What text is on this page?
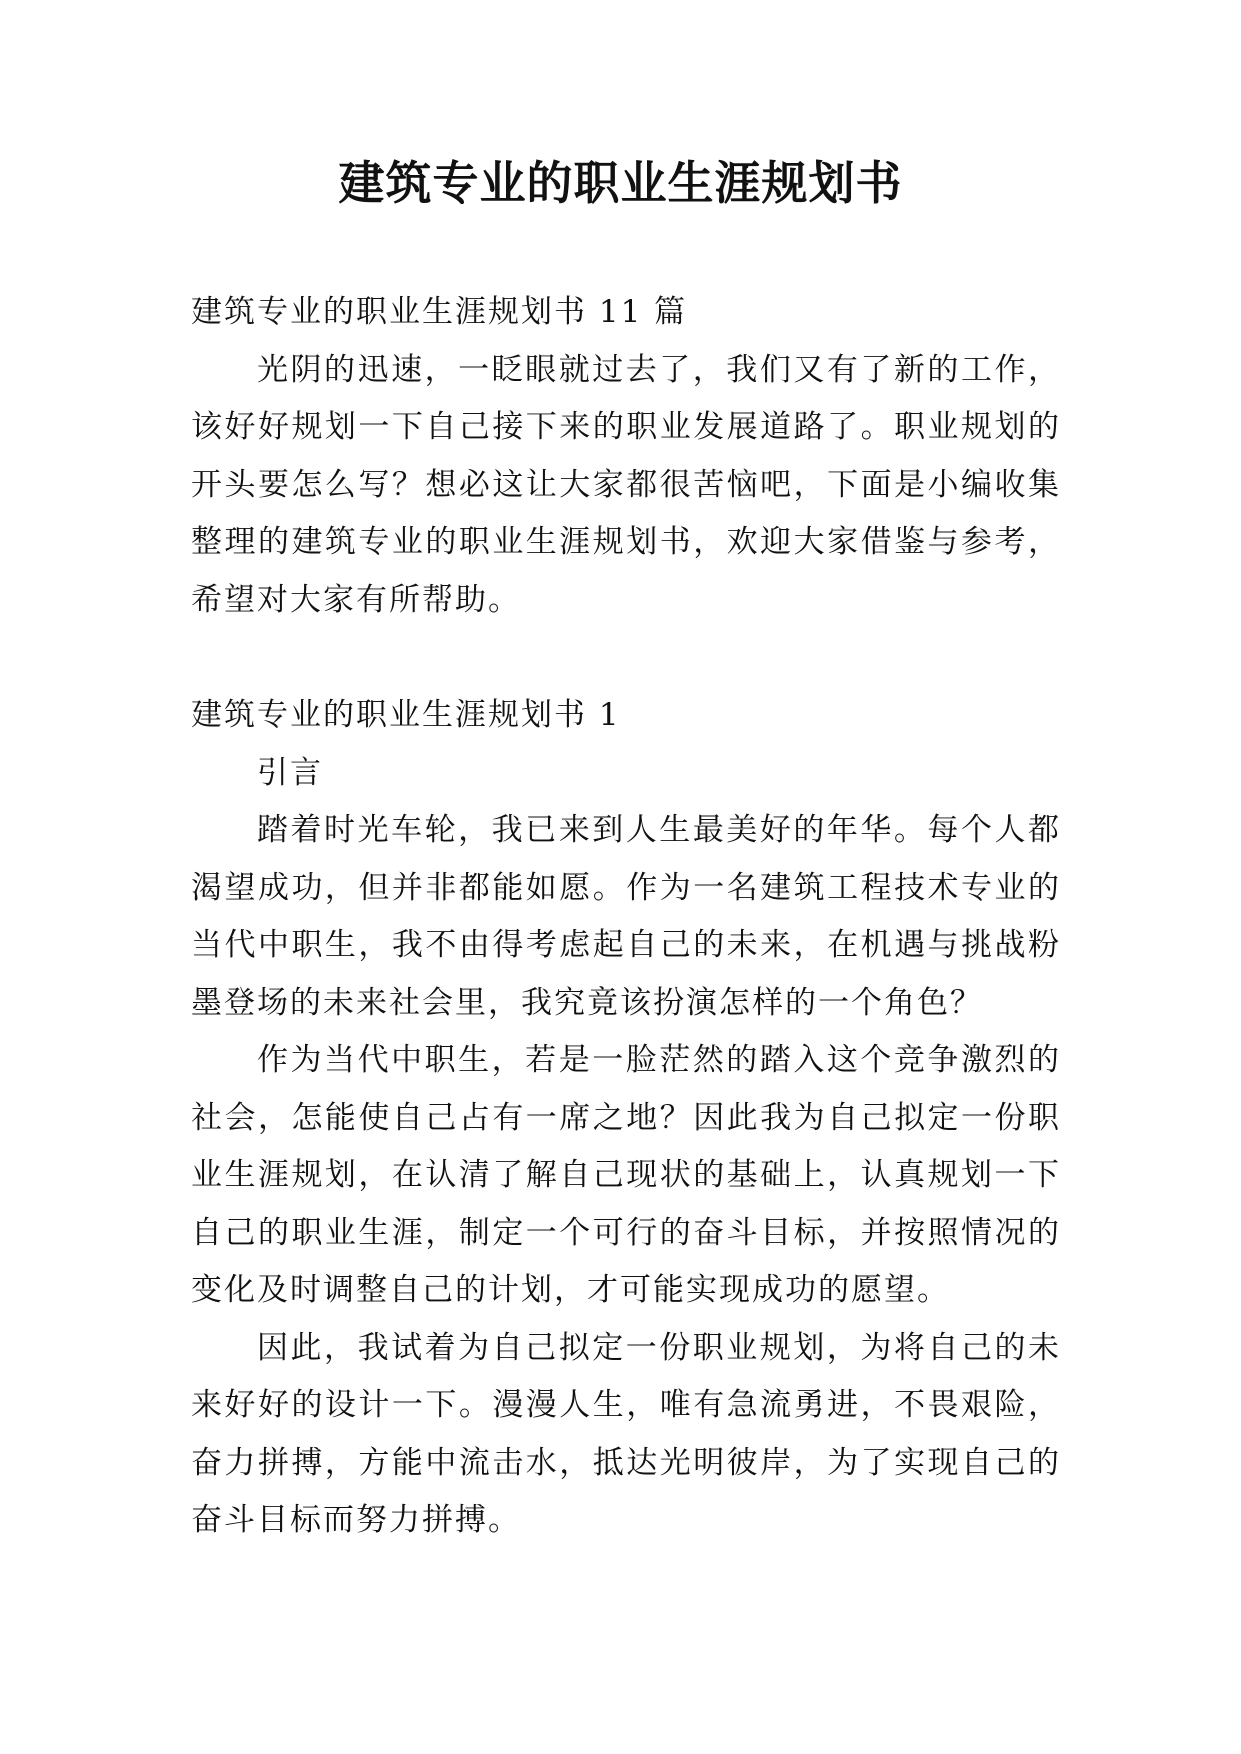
建筑专业的职业生涯规划书

建筑专业的职业生涯规划书 11 篇

光阴的迅速，一眨眼就过去了，我们又有了新的工作，该好好规划一下自己接下来的职业发展道路了。职业规划的开头要怎么写？想必这让大家都很苦恼吧，下面是小编收集整理的建筑专业的职业生涯规划书，欢迎大家借鉴与参考，希望对大家有所帮助。

建筑专业的职业生涯规划书 1

引言

踏着时光车轮，我已来到人生最美好的年华。每个人都渴望成功，但并非都能如愿。作为一名建筑工程技术专业的当代中职生，我不由得考虑起自己的未来，在机遇与挑战粉墨登场的未来社会里，我究竟该扮演怎样的一个角色？

作为当代中职生，若是一脸茫然的踏入这个竞争激烈的社会，怎能使自己占有一席之地？因此我为自己拟定一份职业生涯规划，在认清了解自己现状的基础上，认真规划一下自己的职业生涯，制定一个可行的奋斗目标，并按照情况的变化及时调整自己的计划，才可能实现成功的愿望。

因此，我试着为自己拟定一份职业规划，为将自己的未来好好的设计一下。漫漫人生，唯有急流勇进，不畏艰险，奋力拼搏，方能中流击水，抵达光明彼岸，为了实现自己的奋斗目标而努力拼搏。
